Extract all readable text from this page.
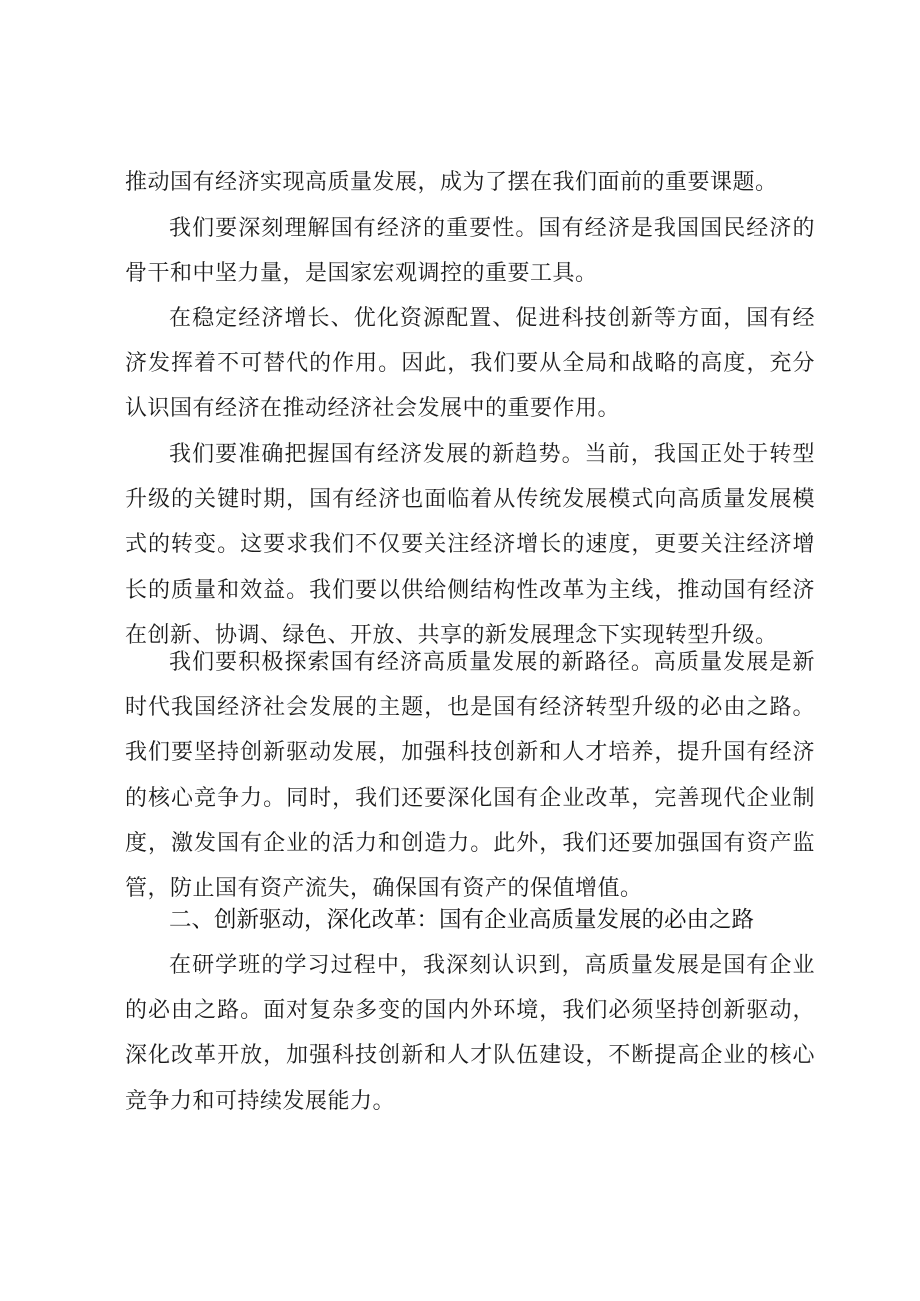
推动国有经济实现高质量发展，成为了摆在我们面前的重要课题。

我们要深刻理解国有经济的重要性。国有经济是我国国民经济的骨干和中坚力量，是国家宏观调控的重要工具。

在稳定经济增长、优化资源配置、促进科技创新等方面，国有经济发挥着不可替代的作用。因此，我们要从全局和战略的高度，充分认识国有经济在推动经济社会发展中的重要作用。

我们要准确把握国有经济发展的新趋势。当前，我国正处于转型升级的关键时期，国有经济也面临着从传统发展模式向高质量发展模式的转变。这要求我们不仅要关注经济增长的速度，更要关注经济增长的质量和效益。我们要以供给侧结构性改革为主线，推动国有经济在创新、协调、绿色、开放、共享的新发展理念下实现转型升级。

我们要积极探索国有经济高质量发展的新路径。高质量发展是新时代我国经济社会发展的主题，也是国有经济转型升级的必由之路。我们要坚持创新驱动发展，加强科技创新和人才培养，提升国有经济的核心竞争力。同时，我们还要深化国有企业改革，完善现代企业制度，激发国有企业的活力和创造力。此外，我们还要加强国有资产监管，防止国有资产流失，确保国有资产的保值增值。

二、创新驱动，深化改革：国有企业高质量发展的必由之路

在研学班的学习过程中，我深刻认识到，高质量发展是国有企业的必由之路。面对复杂多变的国内外环境，我们必须坚持创新驱动，深化改革开放，加强科技创新和人才队伍建设，不断提高企业的核心竞争力和可持续发展能力。
